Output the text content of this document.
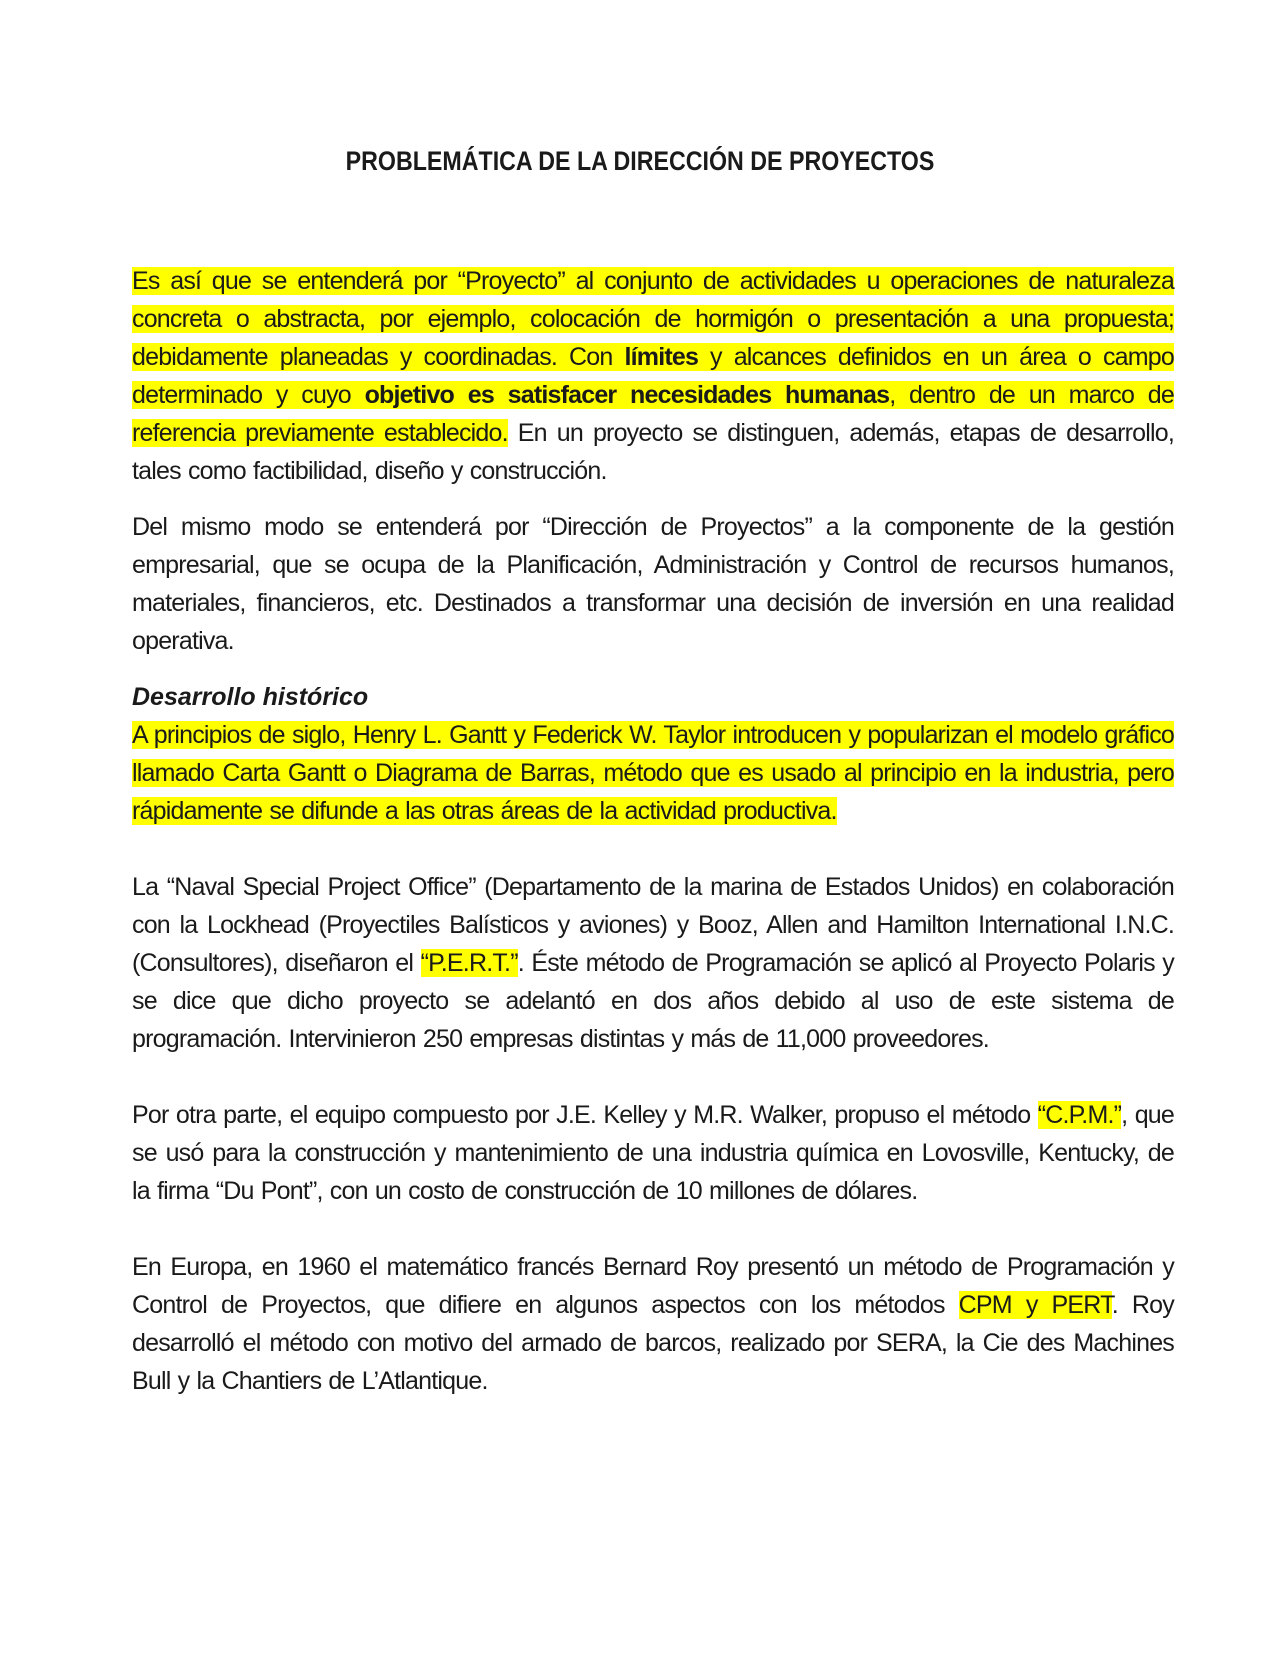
PROBLEMÁTICA DE LA DIRECCIÓN DE PROYECTOS

Es así que se entenderá por “Proyecto” al conjunto de actividades u operaciones de naturaleza concreta o abstracta, por ejemplo, colocación de hormigón o presentación a una propuesta; debidamente planeadas y coordinadas. Con límites y alcances definidos en un área o campo determinado y cuyo objetivo es satisfacer necesidades humanas, dentro de un marco de referencia previamente establecido. En un proyecto se distinguen, además, etapas de desarrollo, tales como factibilidad, diseño y construcción.

Del mismo modo se entenderá por “Dirección de Proyectos” a la componente de la gestión empresarial, que se ocupa de la Planificación, Administración y Control de recursos humanos, materiales, financieros, etc. Destinados a transformar una decisión de inversión en una realidad operativa.

Desarrollo histórico

A principios de siglo, Henry L. Gantt y Federick W. Taylor introducen y popularizan el modelo gráfico llamado Carta Gantt o Diagrama de Barras, método que es usado al principio en la industria, pero rápidamente se difunde a las otras áreas de la actividad productiva.

La “Naval Special Project Office” (Departamento de la marina de Estados Unidos) en colaboración con la Lockhead (Proyectiles Balísticos y aviones) y Booz, Allen and Hamilton International I.N.C. (Consultores), diseñaron el “P.E.R.T.”. Éste método de Programación se aplicó al Proyecto Polaris y se dice que dicho proyecto se adelantó en dos años debido al uso de este sistema de programación. Intervinieron 250 empresas distintas y más de 11,000 proveedores.

Por otra parte, el equipo compuesto por J.E. Kelley y M.R. Walker, propuso el método “C.P.M.”, que se usó para la construcción y mantenimiento de una industria química en Lovosville, Kentucky, de la firma “Du Pont”, con un costo de construcción de 10 millones de dólares.

En Europa, en 1960 el matemático francés Bernard Roy presentó un método de Programación y Control de Proyectos, que difiere en algunos aspectos con los métodos CPM y PERT. Roy desarrolló el método con motivo del armado de barcos, realizado por SERA, la Cie des Machines Bull y la Chantiers de L’Atlantique.
